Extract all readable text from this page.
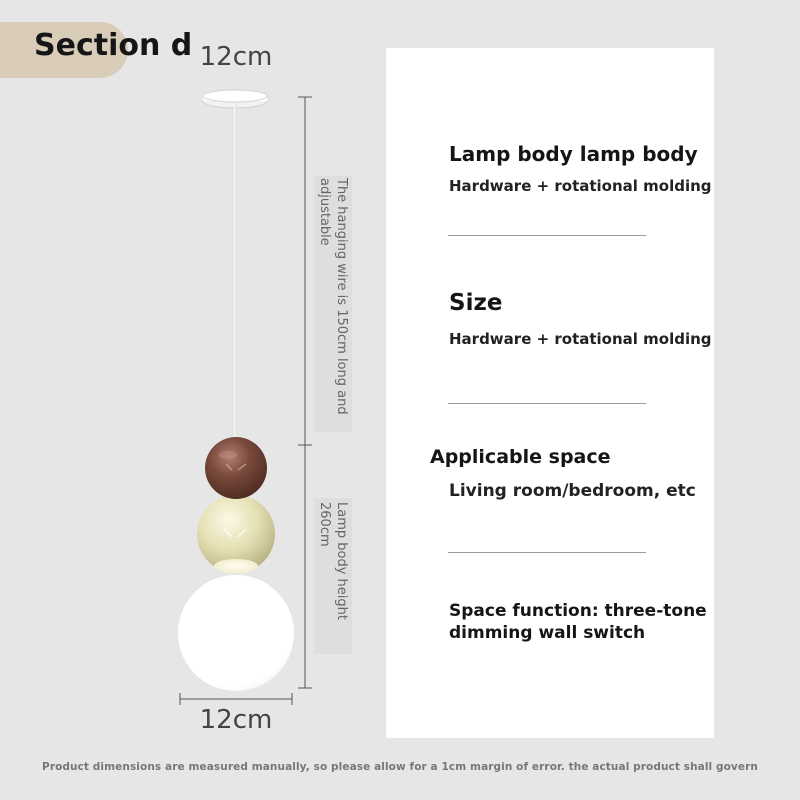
Section d 12cm
The hanging wire is 150cm long and adjustable
Lamp body height 260cm
12cm
Lamp body lamp body
Hardware + rotational molding
Size
Hardware + rotational molding
Applicable space
Living room/bedroom, etc
Space function: three-tone dimming wall switch
Product dimensions are measured manually, so please allow for a 1cm margin of error. the actual product shall govern
